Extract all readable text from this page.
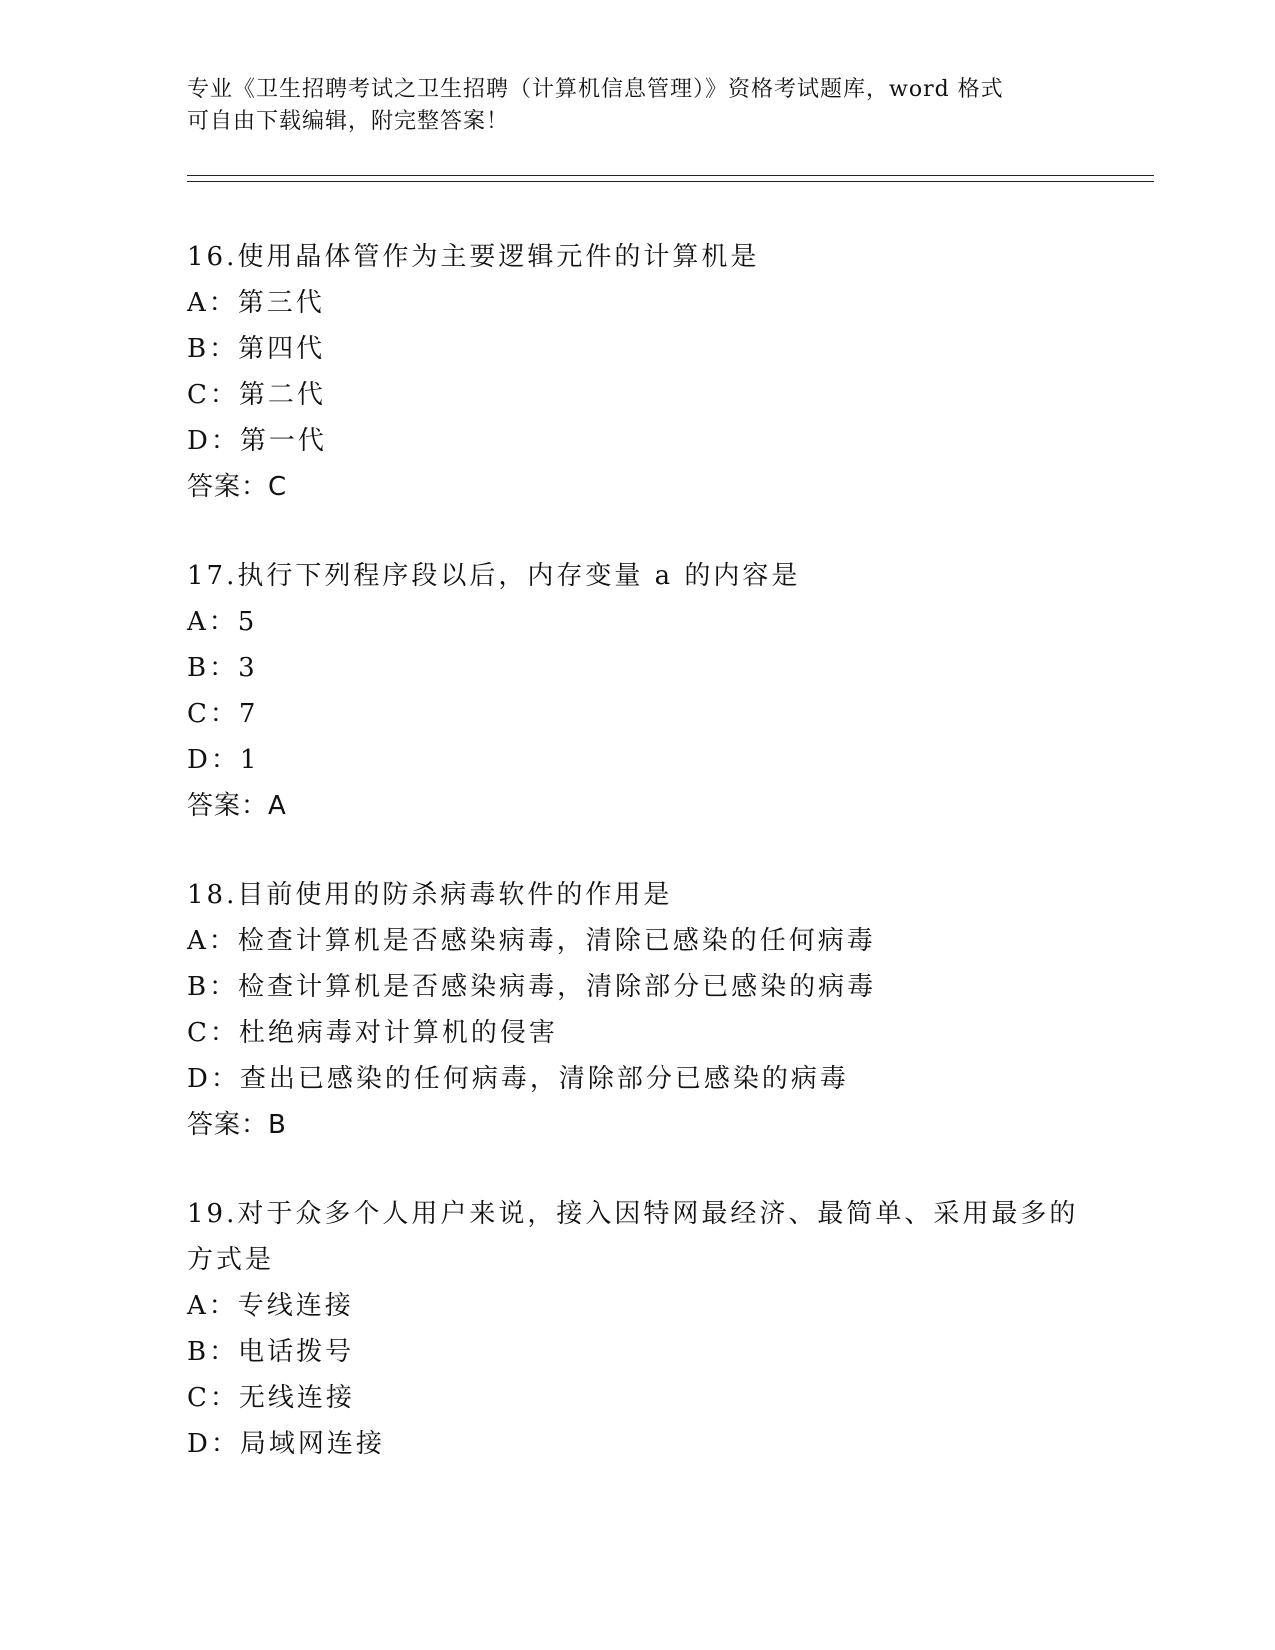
专业《卫生招聘考试之卫生招聘（计算机信息管理）》资格考试题库，word 格式
可自由下载编辑，附完整答案！
16.使用晶体管作为主要逻辑元件的计算机是
A：第三代
B：第四代
C：第二代
D：第一代
答案：C
17.执行下列程序段以后，内存变量 a 的内容是
A：5
B：3
C：7
D：1
答案：A
18.目前使用的防杀病毒软件的作用是
A：检查计算机是否感染病毒，清除已感染的任何病毒
B：检查计算机是否感染病毒，清除部分已感染的病毒
C：杜绝病毒对计算机的侵害
D：查出已感染的任何病毒，清除部分已感染的病毒
答案：B
19.对于众多个人用户来说，接入因特网最经济、最简单、采用最多的
方式是
A：专线连接
B：电话拨号
C：无线连接
D：局域网连接
